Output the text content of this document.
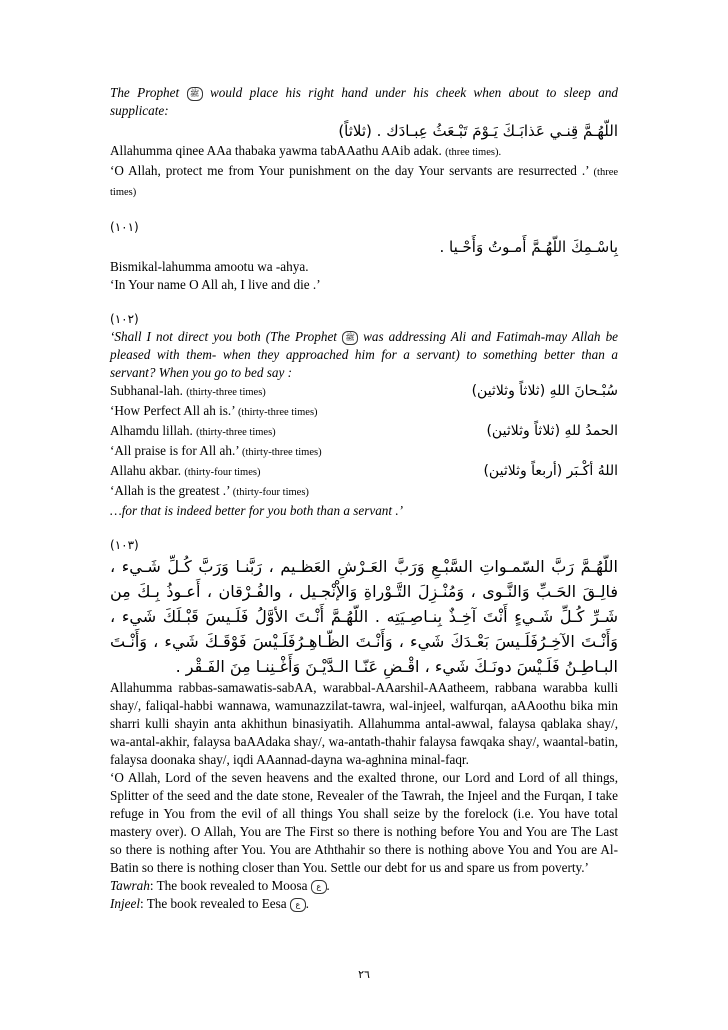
The Prophet ﷺ would place his right hand under his cheek when about to sleep and supplicate:

اللّهُـمَّ قِنـي عَذابَـكَ يَـوْمَ تَبْـعَثُ عِبـادَك . (ثلاثاً)

Allahumma qinee AAa thabaka yawma tabAAathu AAib adak. (three times).

‘O Allah, protect me from Your punishment on the day Your servants are resurrected .’ (three times)

(١٠١)

بِاسْـمِكَ اللّهُـمَّ أَمـوتُ وَأَحْـيا .

Bismikal-lahumma amootu wa -ahya.

‘In Your name O All ah, I live and die .’

(١٠٢)

‘Shall I not direct you both (The Prophet ﷺ was addressing Ali and Fatimah-may Allah be pleased with them- when they approached him for a servant) to something better than a servant? When you go to bed say :

Subhanal-lah. (thirty-three times)	سُبْـحانَ اللهِ (ثلاثاً وثلاثين)

‘How Perfect All ah is.’ (thirty-three times)

Alhamdu lillah. (thirty-three times)	الحمدُ للهِ (ثلاثاً وثلاثين)

‘All praise is for All ah.’ (thirty-three times)

Allahu akbar. (thirty-four times)	اللهُ أكْـبَر (أربعاً وثلاثين)

‘Allah is the greatest .’ (thirty-four times)

…for that is indeed better for you both than a servant .’

(١٠٣)

اللّهُـمَّ رَبَّ السّمـواتِ السَّبْـعِ وَرَبَّ العَـرْشِ العَظـيم ، رَبَّنـا وَرَبَّ كُـلِّ شَـيء ، فالِـقَ الحَـبِّ وَالنَّـوى ، وَمُنْـزِلَ التَّـوْراةِ وَالإْنْجـيل ، والفُـرْقان ، أَعـوذُ بِـكَ مِن شَـرِّ كُـلِّ شَـيءٍ أَنْتَ آخِـذٌ بِنـاصِـيَتِه . اللّهُـمَّ أَنْـتَ الأوَّلُ فَلَـيسَ قَبْـلَكَ شَيء ، وَأَنْـتَ الآخِـرُفَلَـيسَ بَعْـدَكَ شَيء ، وَأَنْـتَ الظّـاهِـرُفَلَـيْسَ فَوْقَـكَ شَيء ، وَأَنْـتَ البـاطِـنُ فَلَـيْسَ دونَـكَ شَيء ، اقْـضِ عَنّـا الـدَّيْـنَ وَأَغْـنِنـا مِنَ الفَـقْر .

Allahumma rabbas-samawatis-sabAA, warabbal-AAarshil-AAatheem, rabbana warabba kulli shay/, faliqal-habbi wannawa, wamunazzilat-tawra, wal-injeel, walfurqan, aAAoothu bika min sharri kulli shayin anta akhithun binasiyatih. Allahumma antal-awwal, falaysa qablaka shay/, wa-antal-akhir, falaysa baAAdaka shay/, wa-antath-thahir falaysa fawqaka shay/, waantal-batin, falaysa doonaka shay/, iqdi AAannad-dayna wa-aghnina minal-faqr.

‘O Allah, Lord of the seven heavens and the exalted throne, our Lord and Lord of all things, Splitter of the seed and the date stone, Revealer of the Tawrah, the Injeel and the Furqan, I take refuge in You from the evil of all things You shall seize by the forelock (i.e. You have total mastery over). O Allah, You are The First so there is nothing before You and You are The Last so there is nothing after You. You are Aththahir so there is nothing above You and You are Al-Batin so there is nothing closer than You. Settle our debt for us and spare us from poverty.’

Tawrah: The book revealed to Moosa ع .

Injeel: The book revealed to Eesa ع .

٢٦
